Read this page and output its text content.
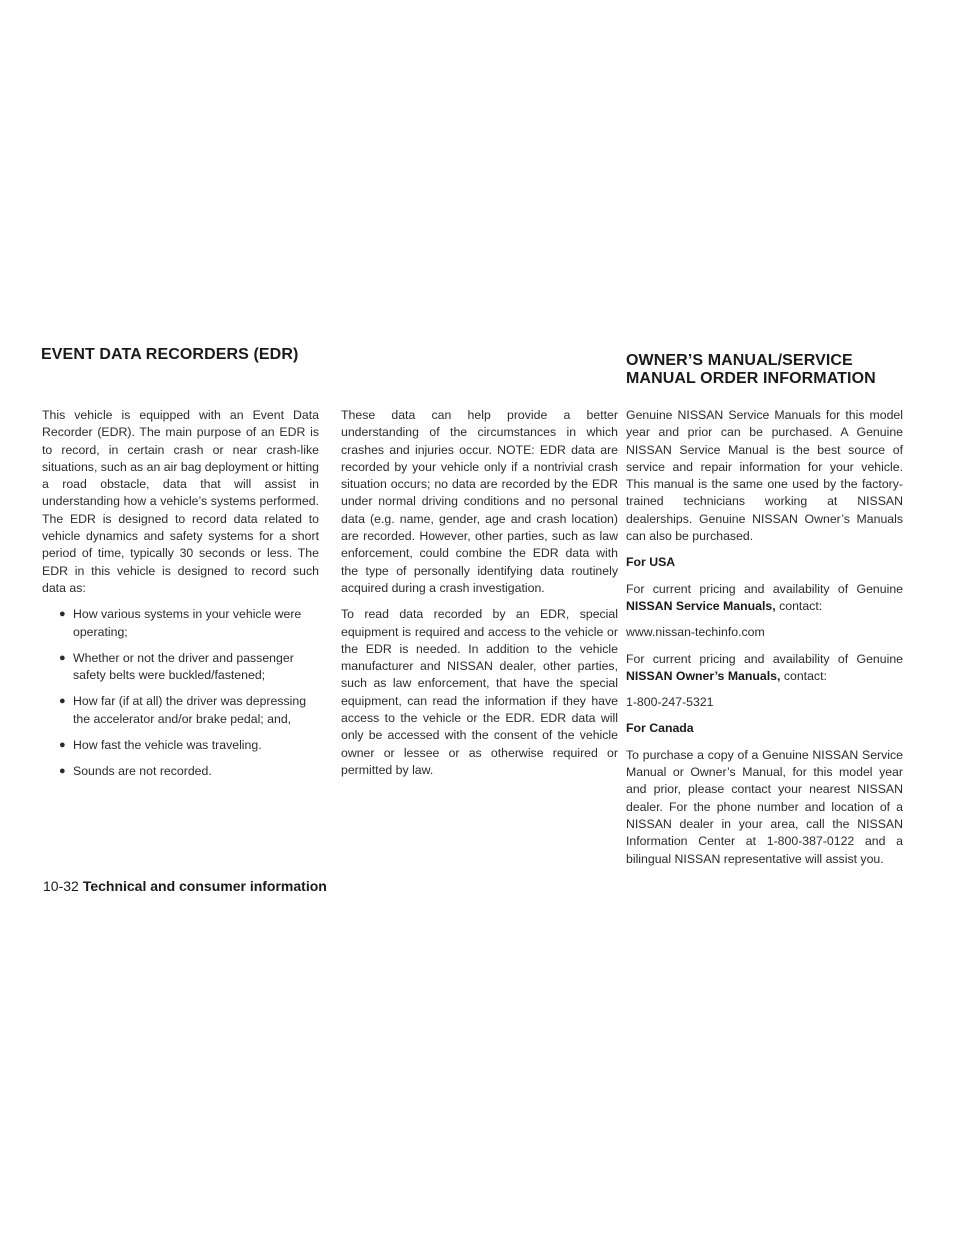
EVENT DATA RECORDERS (EDR)	OWNER’S MANUAL/SERVICE MANUAL ORDER INFORMATION

This vehicle is equipped with an Event Data Recorder (EDR). The main purpose of an EDR is to record, in certain crash or near crash-like situations, such as an air bag deployment or hitting a road obstacle, data that will assist in understanding how a vehicle’s systems performed. The EDR is designed to record data related to vehicle dynamics and safety systems for a short period of time, typically 30 seconds or less. The EDR in this vehicle is designed to record such data as:

● How various systems in your vehicle were operating;
● Whether or not the driver and passenger safety belts were buckled/fastened;
● How far (if at all) the driver was depressing the accelerator and/or brake pedal; and,
● How fast the vehicle was traveling.
● Sounds are not recorded.

These data can help provide a better understanding of the circumstances in which crashes and injuries occur. NOTE: EDR data are recorded by your vehicle only if a nontrivial crash situation occurs; no data are recorded by the EDR under normal driving conditions and no personal data (e.g. name, gender, age and crash location) are recorded. However, other parties, such as law enforcement, could combine the EDR data with the type of personally identifying data routinely acquired during a crash investigation.

To read data recorded by an EDR, special equipment is required and access to the vehicle or the EDR is needed. In addition to the vehicle manufacturer and NISSAN dealer, other parties, such as law enforcement, that have the special equipment, can read the information if they have access to the vehicle or the EDR. EDR data will only be accessed with the consent of the vehicle owner or lessee or as otherwise required or permitted by law.

Genuine NISSAN Service Manuals for this model year and prior can be purchased. A Genuine NISSAN Service Manual is the best source of service and repair information for your vehicle. This manual is the same one used by the factory-trained technicians working at NISSAN dealerships. Genuine NISSAN Owner’s Manuals can also be purchased.

For USA

For current pricing and availability of Genuine NISSAN Service Manuals, contact:

www.nissan-techinfo.com

For current pricing and availability of Genuine NISSAN Owner’s Manuals, contact:

1-800-247-5321

For Canada

To purchase a copy of a Genuine NISSAN Service Manual or Owner’s Manual, for this model year and prior, please contact your nearest NISSAN dealer. For the phone number and location of a NISSAN dealer in your area, call the NISSAN Information Center at 1-800-387-0122 and a bilingual NISSAN representative will assist you.

10-32 Technical and consumer information
